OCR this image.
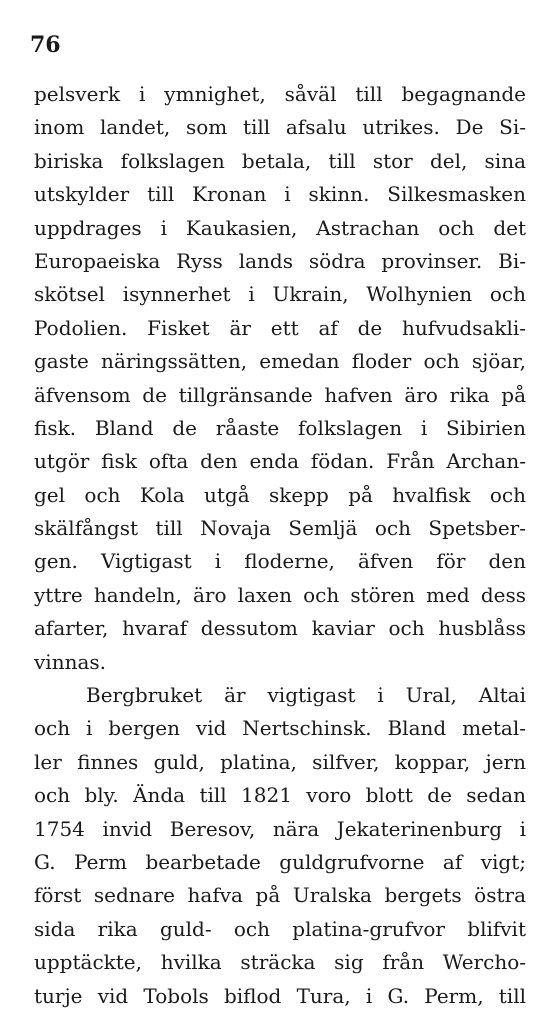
76
pelsverk i ymnighet, såväl till begagnande
inom landet, som till afsalu utrikes. De Si-
biriska folkslagen betala, till stor del, sina
utskylder till Kronan i skinn. Silkesmasken
uppdrages i Kaukasien, Astrachan och det
Europaeiska Ryss lands södra provinser. Bi-
skötsel isynnerhet i Ukrain, Wolhynien och
Podolien. Fisket är ett af de hufvudsakli-
gaste näringssätten, emedan floder och sjöar,
äfvensom de tillgränsande hafven äro rika på
fisk. Bland de råaste folkslagen i Sibirien
utgör fisk ofta den enda födan. Från Archan-
gel och Kola utgå skepp på hvalfisk och
skälfångst till Novaja Semljä och Spetsber-
gen. Vigtigast i floderne, äfven för den
yttre handeln, äro laxen och stören med dess
afarter, hvaraf dessutom kaviar och husblåss
vinnas.
Bergbruket är vigtigast i Ural, Altai
och i bergen vid Nertschinsk. Bland metal-
ler finnes guld, platina, silfver, koppar, jern
och bly. Ända till 1821 voro blott de sedan
1754 invid Beresov, nära Jekaterinenburg i
G. Perm bearbetade guldgrufvorne af vigt;
först sednare hafva på Uralska bergets östra
sida rika guld- och platina-grufvor blifvit
upptäckte, hvilka sträcka sig från Wercho-
turje vid Tobols biflod Tura, i G. Perm, till
